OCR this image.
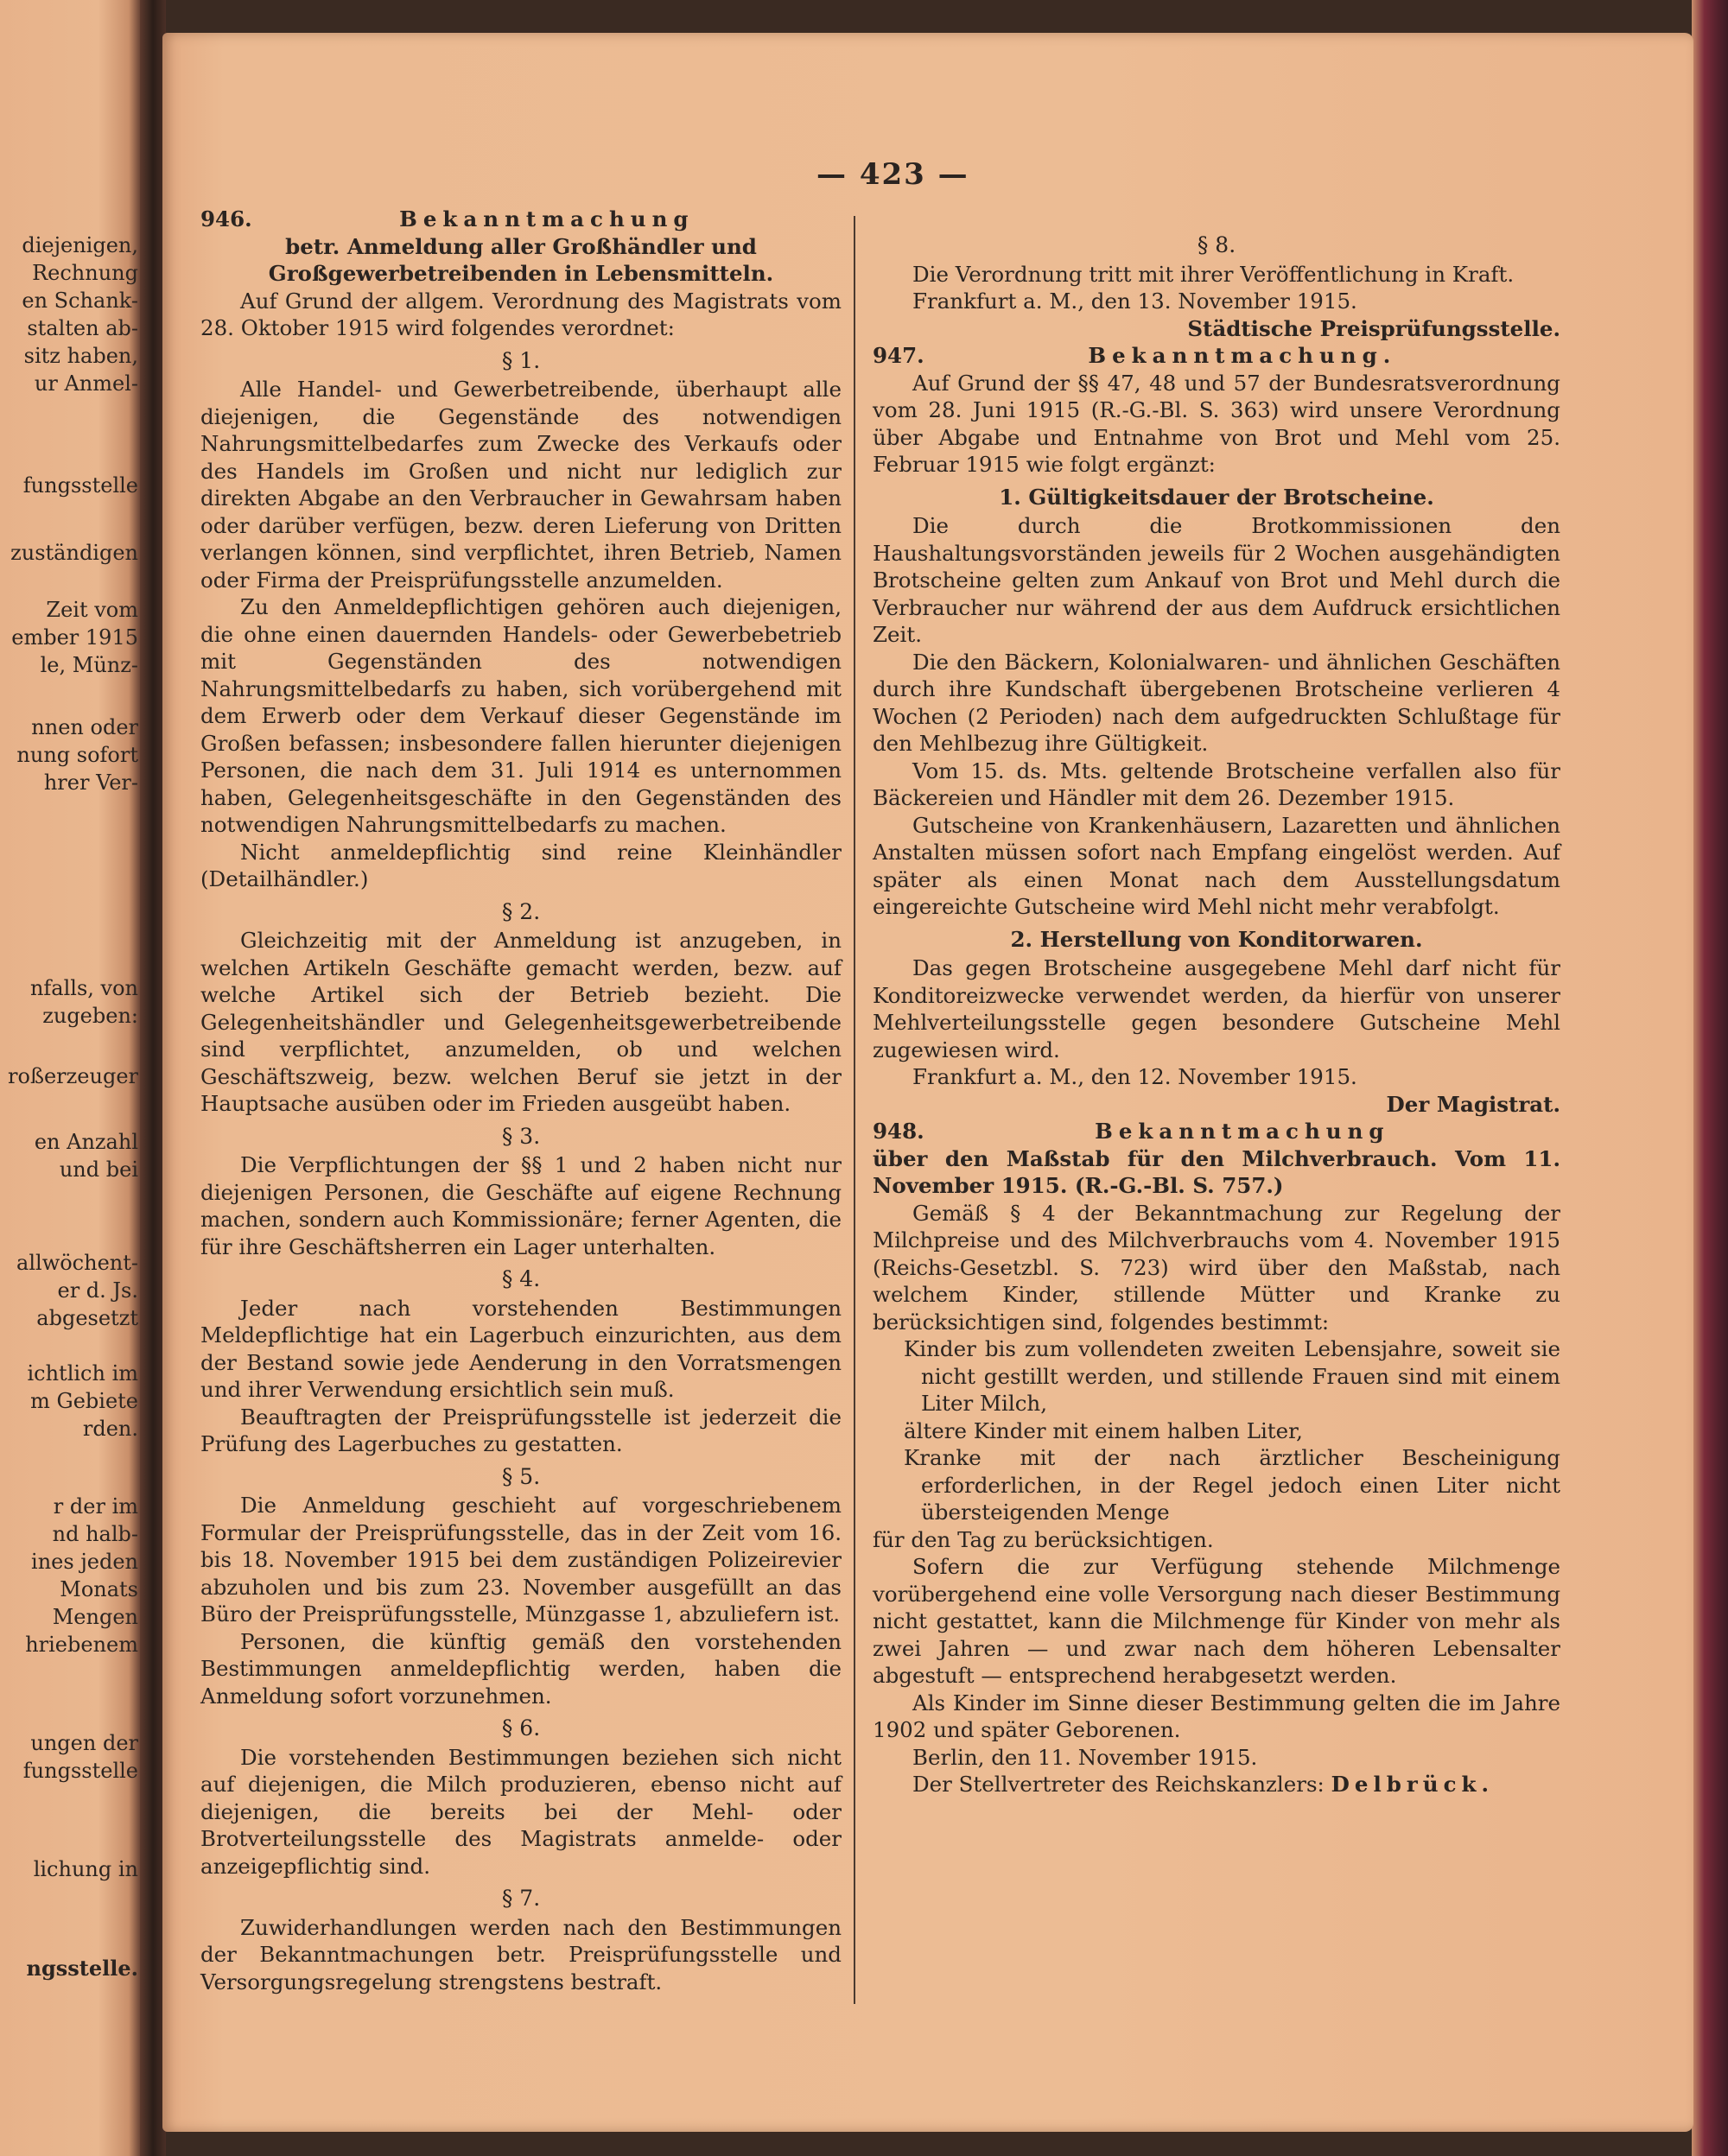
diejenigen,
Rechnung
en Schank-
stalten ab-
sitz haben,
ur Anmel-
fungsstelle
zuständigen
Zeit vom
ember 1915
le, Münz-
nnen oder
nung sofort
hrer Ver-
nfalls, von
zugeben:
roßerzeuger
en Anzahl
und bei
allwöchent-
er d. Js.
abgesetzt
ichtlich im
m Gebiete
rden.
r der im
nd halb-
ines jeden
Monats
Mengen
hriebenem
ungen der
fungsstelle
lichung in
ngsstelle.
— 423 —
946.	Bekanntmachung
betr. Anmeldung aller Großhändler und Großgewerbetreibenden in Lebensmitteln.

Auf Grund der allgem. Verordnung des Magistrats vom 28. Oktober 1915 wird folgendes verordnet:

§ 1.

Alle Handel- und Gewerbetreibende, überhaupt alle diejenigen, die Gegenstände des notwendigen Nahrungsmittelbedarfes zum Zwecke des Verkaufs oder des Handels im Großen und nicht nur lediglich zur direkten Abgabe an den Verbraucher in Gewahrsam haben oder darüber verfügen, bezw. deren Lieferung von Dritten verlangen können, sind verpflichtet, ihren Betrieb, Namen oder Firma der Preisprüfungsstelle anzumelden.

Zu den Anmeldepflichtigen gehören auch diejenigen, die ohne einen dauernden Handels- oder Gewerbebetrieb mit Gegenständen des notwendigen Nahrungsmittelbedarfs zu haben, sich vorübergehend mit dem Erwerb oder dem Verkauf dieser Gegenstände im Großen befassen; insbesondere fallen hierunter diejenigen Personen, die nach dem 31. Juli 1914 es unternommen haben, Gelegenheitsgeschäfte in den Gegenständen des notwendigen Nahrungsmittelbedarfs zu machen.

Nicht anmeldepflichtig sind reine Kleinhändler (Detailhändler.)

§ 2.

Gleichzeitig mit der Anmeldung ist anzugeben, in welchen Artikeln Geschäfte gemacht werden, bezw. auf welche Artikel sich der Betrieb bezieht. Die Gelegenheitshändler und Gelegenheitsgewerbetreibende sind verpflichtet, anzumelden, ob und welchen Geschäftszweig, bezw. welchen Beruf sie jetzt in der Hauptsache ausüben oder im Frieden ausgeübt haben.

§ 3.

Die Verpflichtungen der §§ 1 und 2 haben nicht nur diejenigen Personen, die Geschäfte auf eigene Rechnung machen, sondern auch Kommissionäre; ferner Agenten, die für ihre Geschäftsherren ein Lager unterhalten.

§ 4.

Jeder nach vorstehenden Bestimmungen Meldepflichtige hat ein Lagerbuch einzurichten, aus dem der Bestand sowie jede Aenderung in den Vorratsmengen und ihrer Verwendung ersichtlich sein muß.

Beauftragten der Preisprüfungsstelle ist jederzeit die Prüfung des Lagerbuches zu gestatten.

§ 5.

Die Anmeldung geschieht auf vorgeschriebenem Formular der Preisprüfungsstelle, das in der Zeit vom 16. bis 18. November 1915 bei dem zuständigen Polizeirevier abzuholen und bis zum 23. November ausgefüllt an das Büro der Preisprüfungsstelle, Münzgasse 1, abzuliefern ist.

Personen, die künftig gemäß den vorstehenden Bestimmungen anmeldepflichtig werden, haben die Anmeldung sofort vorzunehmen.

§ 6.

Die vorstehenden Bestimmungen beziehen sich nicht auf diejenigen, die Milch produzieren, ebenso nicht auf diejenigen, die bereits bei der Mehl- oder Brotverteilungsstelle des Magistrats anmelde- oder anzeigepflichtig sind.

§ 7.

Zuwiderhandlungen werden nach den Bestimmungen der Bekanntmachungen betr. Preisprüfungsstelle und Versorgungsregelung strengstens bestraft.

§ 8.

Die Verordnung tritt mit ihrer Veröffentlichung in Kraft.

Frankfurt a. M., den 13. November 1915.

Städtische Preisprüfungsstelle.
947.	Bekanntmachung.

Auf Grund der §§ 47, 48 und 57 der Bundesratsverordnung vom 28. Juni 1915 (R.-G.-Bl. S. 363) wird unsere Verordnung über Abgabe und Entnahme von Brot und Mehl vom 25. Februar 1915 wie folgt ergänzt:

1. Gültigkeitsdauer der Brotscheine.

Die durch die Brotkommissionen den Haushaltungsvorständen jeweils für 2 Wochen ausgehändigten Brotscheine gelten zum Ankauf von Brot und Mehl durch die Verbraucher nur während der aus dem Aufdruck ersichtlichen Zeit.

Die den Bäckern, Kolonialwaren- und ähnlichen Geschäften durch ihre Kundschaft übergebenen Brotscheine verlieren 4 Wochen (2 Perioden) nach dem aufgedruckten Schlußtage für den Mehlbezug ihre Gültigkeit.

Vom 15. ds. Mts. geltende Brotscheine verfallen also für Bäckereien und Händler mit dem 26. Dezember 1915.

Gutscheine von Krankenhäusern, Lazaretten und ähnlichen Anstalten müssen sofort nach Empfang eingelöst werden. Auf später als einen Monat nach dem Ausstellungsdatum eingereichte Gutscheine wird Mehl nicht mehr verabfolgt.

2. Herstellung von Konditorwaren.

Das gegen Brotscheine ausgegebene Mehl darf nicht für Konditoreizwecke verwendet werden, da hierfür von unserer Mehlverteilungsstelle gegen besondere Gutscheine Mehl zugewiesen wird.

Frankfurt a. M., den 12. November 1915.

Der Magistrat.
948.	Bekanntmachung

über den Maßstab für den Milchverbrauch. Vom 11. November 1915. (R.-G.-Bl. S. 757.)

Gemäß § 4 der Bekanntmachung zur Regelung der Milchpreise und des Milchverbrauchs vom 4. November 1915 (Reichs-Gesetzbl. S. 723) wird über den Maßstab, nach welchem Kinder, stillende Mütter und Kranke zu berücksichtigen sind, folgendes bestimmt:

Kinder bis zum vollendeten zweiten Lebensjahre, soweit sie nicht gestillt werden, und stillende Frauen sind mit einem Liter Milch,

ältere Kinder mit einem halben Liter,

Kranke mit der nach ärztlicher Bescheinigung erforderlichen, in der Regel jedoch einen Liter nicht übersteigenden Menge

für den Tag zu berücksichtigen.

Sofern die zur Verfügung stehende Milchmenge vorübergehend eine volle Versorgung nach dieser Bestimmung nicht gestattet, kann die Milchmenge für Kinder von mehr als zwei Jahren — und zwar nach dem höheren Lebensalter abgestuft — entsprechend herabgesetzt werden.

Als Kinder im Sinne dieser Bestimmung gelten die im Jahre 1902 und später Geborenen.

Berlin, den 11. November 1915.

Der Stellvertreter des Reichskanzlers: Delbrück.
